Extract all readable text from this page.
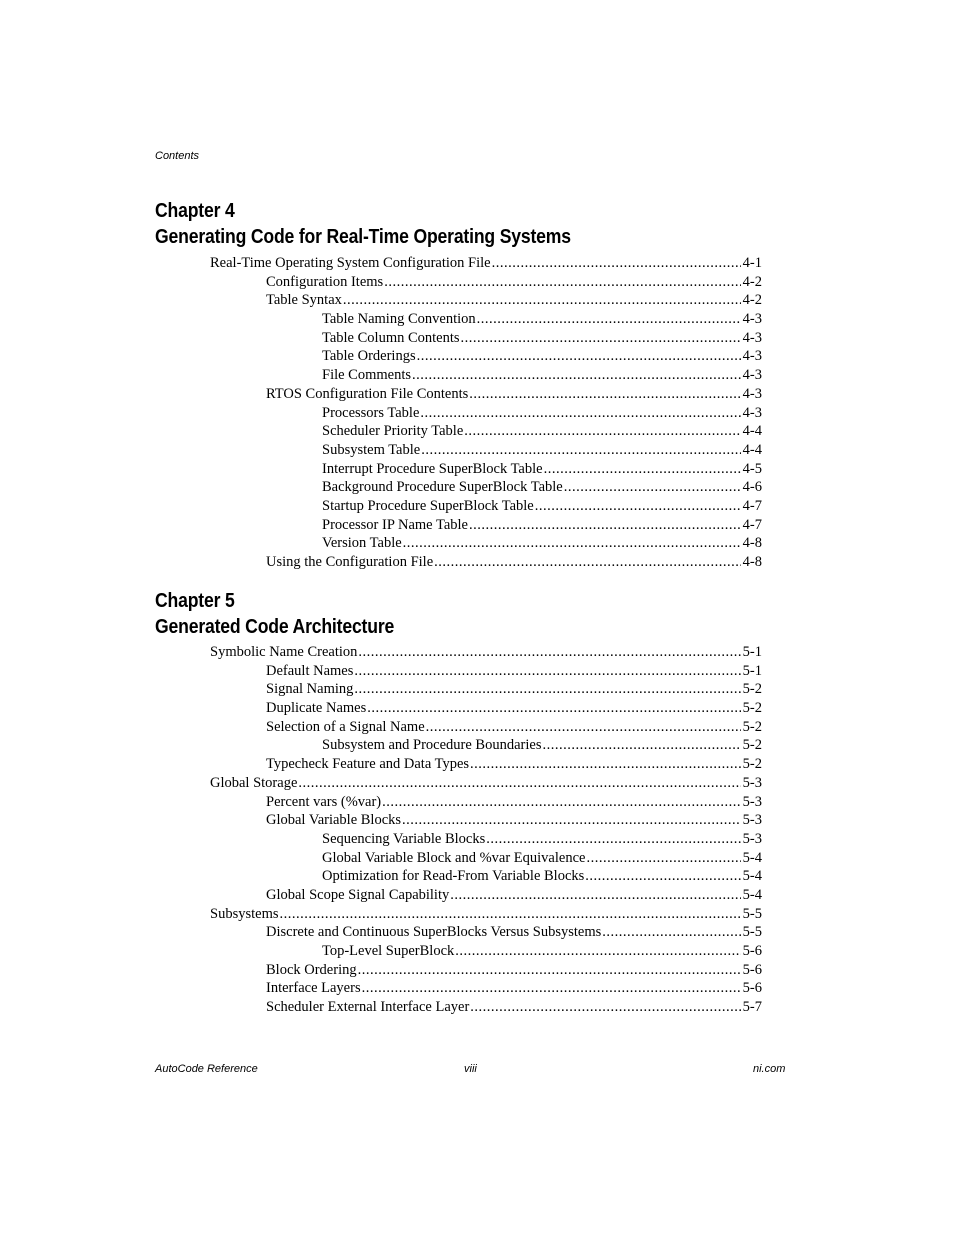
Contents
Chapter 4
Generating Code for Real-Time Operating Systems
Real-Time Operating System Configuration File .....	4-1
Configuration Items .....	4-2
Table Syntax .....	4-2
Table Naming Convention .....	4-3
Table Column Contents .....	4-3
Table Orderings .....	4-3
File Comments .....	4-3
RTOS Configuration File Contents .....	4-3
Processors Table .....	4-3
Scheduler Priority Table .....	4-4
Subsystem Table .....	4-4
Interrupt Procedure SuperBlock Table .....	4-5
Background Procedure SuperBlock Table .....	4-6
Startup Procedure SuperBlock Table .....	4-7
Processor IP Name Table .....	4-7
Version Table .....	4-8
Using the Configuration File .....	4-8
Chapter 5
Generated Code Architecture
Symbolic Name Creation .....	5-1
Default Names .....	5-1
Signal Naming .....	5-2
Duplicate Names .....	5-2
Selection of a Signal Name .....	5-2
Subsystem and Procedure Boundaries .....	5-2
Typecheck Feature and Data Types .....	5-2
Global Storage .....	5-3
Percent vars (%var) .....	5-3
Global Variable Blocks .....	5-3
Sequencing Variable Blocks .....	5-3
Global Variable Block and %var Equivalence .....	5-4
Optimization for Read-From Variable Blocks .....	5-4
Global Scope Signal Capability .....	5-4
Subsystems .....	5-5
Discrete and Continuous SuperBlocks Versus Subsystems .....	5-5
Top-Level SuperBlock .....	5-6
Block Ordering .....	5-6
Interface Layers .....	5-6
Scheduler External Interface Layer .....	5-7
AutoCode Reference	viii	ni.com
